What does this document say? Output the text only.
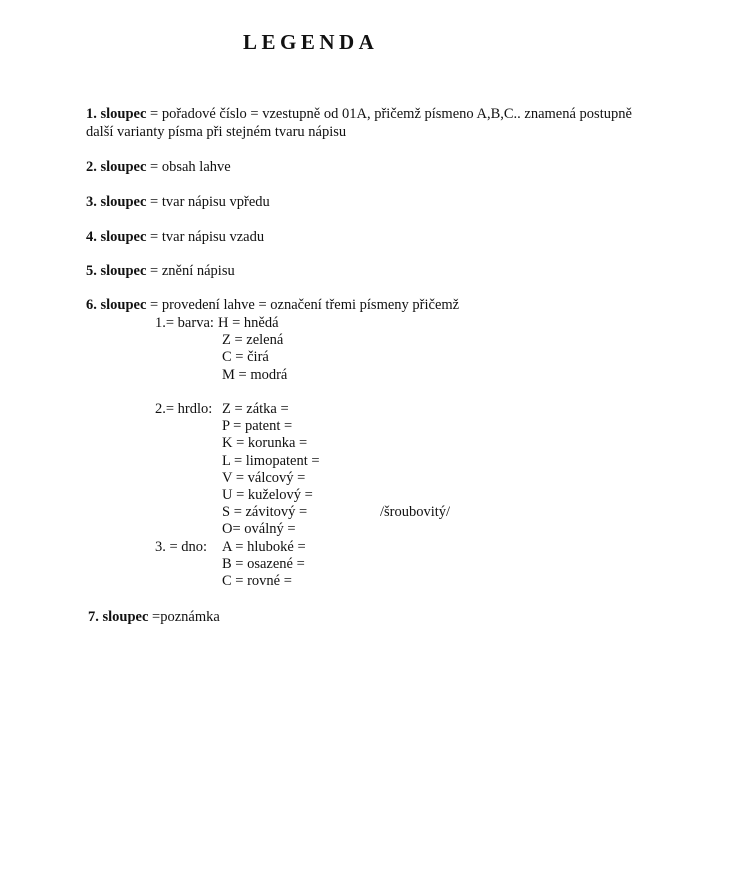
LEGENDA
1. sloupec = pořadové číslo = vzestupně od 01A, přičemž písmeno A,B,C.. znamená postupně
další varianty písma při stejném tvaru nápisu
2. sloupec = obsah lahve
3. sloupec = tvar nápisu vpředu
4. sloupec = tvar nápisu vzadu
5. sloupec = znění nápisu
6. sloupec = provedení lahve = označení třemi písmeny přičemž
1.= barva: H = hnědá
Z = zelená
C = čirá
M = modrá
2.= hrdlo: Z = zátka =
P = patent =
K = korunka =
L = limopatent =
V = válcový =
U = kuželový =
S = závitový =	/šroubovitý/
O= oválný =
3. = dno: A = hluboké =
B = osazené =
C = rovné =
7. sloupec =poznámka
